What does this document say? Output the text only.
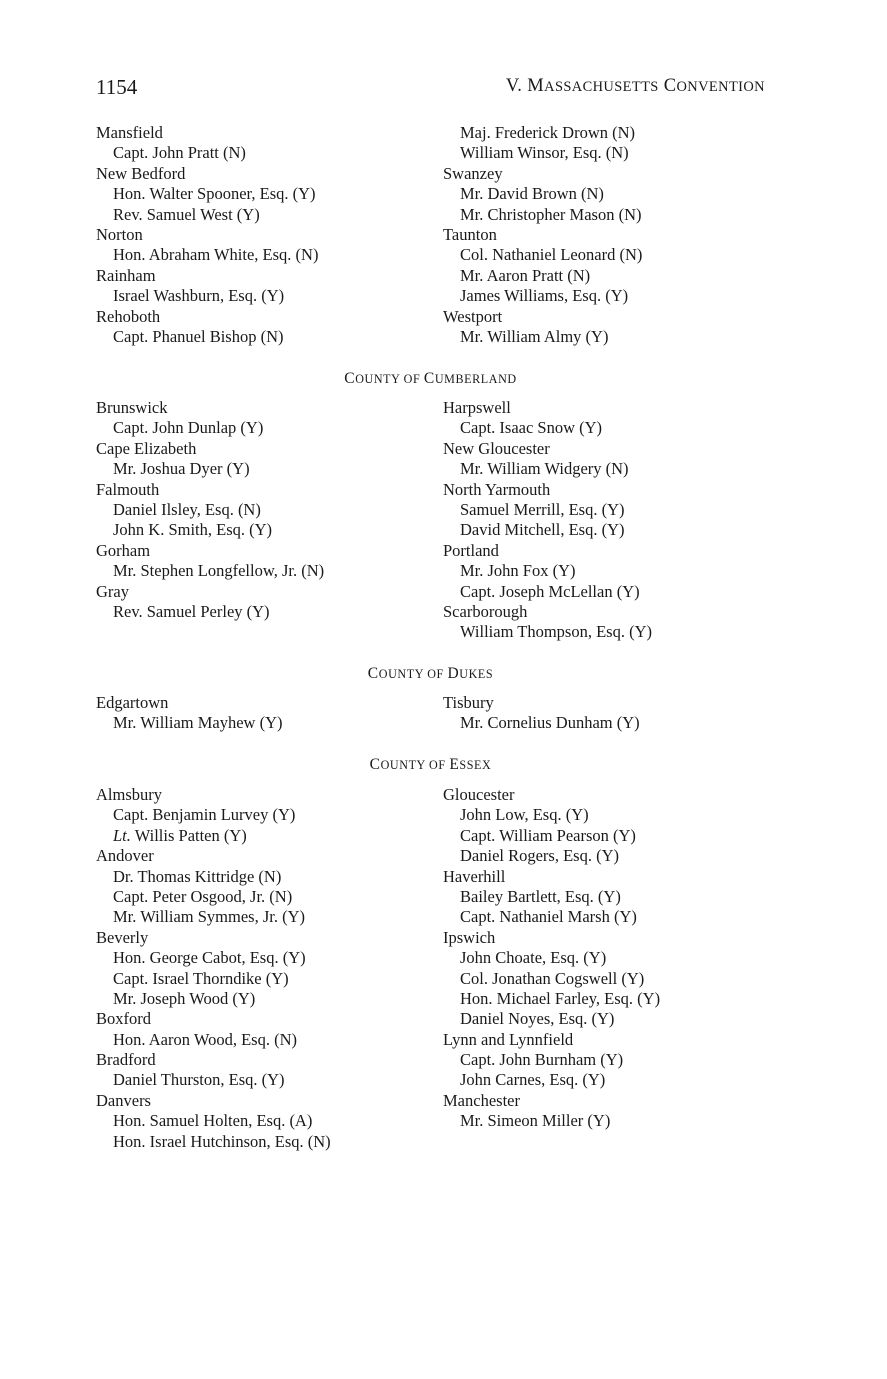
1154	V. MASSACHUSETTS CONVENTION

Mansfield

Capt. John Pratt (N)

New Bedford

Hon. Walter Spooner, Esq. (Y)

Rev. Samuel West (Y)

Norton

Hon. Abraham White, Esq. (N)

Rainham

Israel Washburn, Esq. (Y)

Rehoboth

Capt. Phanuel Bishop (N)

Maj. Frederick Drown (N)

William Winsor, Esq. (N)

Swanzey

Mr. David Brown (N)

Mr. Christopher Mason (N)

Taunton

Col. Nathaniel Leonard (N)

Mr. Aaron Pratt (N)

James Williams, Esq. (Y)

Westport

Mr. William Almy (Y)

COUNTY OF CUMBERLAND

Brunswick

Capt. John Dunlap (Y)

Cape Elizabeth

Mr. Joshua Dyer (Y)

Falmouth

Daniel Ilsley, Esq. (N)

John K. Smith, Esq. (Y)

Gorham

Mr. Stephen Longfellow, Jr. (N)

Gray

Rev. Samuel Perley (Y)

Harpswell

Capt. Isaac Snow (Y)

New Gloucester

Mr. William Widgery (N)

North Yarmouth

Samuel Merrill, Esq. (Y)

David Mitchell, Esq. (Y)

Portland

Mr. John Fox (Y)

Capt. Joseph McLellan (Y)

Scarborough

William Thompson, Esq. (Y)

COUNTY OF DUKES

Edgartown

Mr. William Mayhew (Y)

Tisbury

Mr. Cornelius Dunham (Y)

COUNTY OF ESSEX

Almsbury

Capt. Benjamin Lurvey (Y)

Lt. Willis Patten (Y)

Andover

Dr. Thomas Kittridge (N)

Capt. Peter Osgood, Jr. (N)

Mr. William Symmes, Jr. (Y)

Beverly

Hon. George Cabot, Esq. (Y)

Capt. Israel Thorndike (Y)

Mr. Joseph Wood (Y)

Boxford

Hon. Aaron Wood, Esq. (N)

Bradford

Daniel Thurston, Esq. (Y)

Danvers

Hon. Samuel Holten, Esq. (A)

Hon. Israel Hutchinson, Esq. (N)

Gloucester

John Low, Esq. (Y)

Capt. William Pearson (Y)

Daniel Rogers, Esq. (Y)

Haverhill

Bailey Bartlett, Esq. (Y)

Capt. Nathaniel Marsh (Y)

Ipswich

John Choate, Esq. (Y)

Col. Jonathan Cogswell (Y)

Hon. Michael Farley, Esq. (Y)

Daniel Noyes, Esq. (Y)

Lynn and Lynnfield

Capt. John Burnham (Y)

John Carnes, Esq. (Y)

Manchester

Mr. Simeon Miller (Y)
